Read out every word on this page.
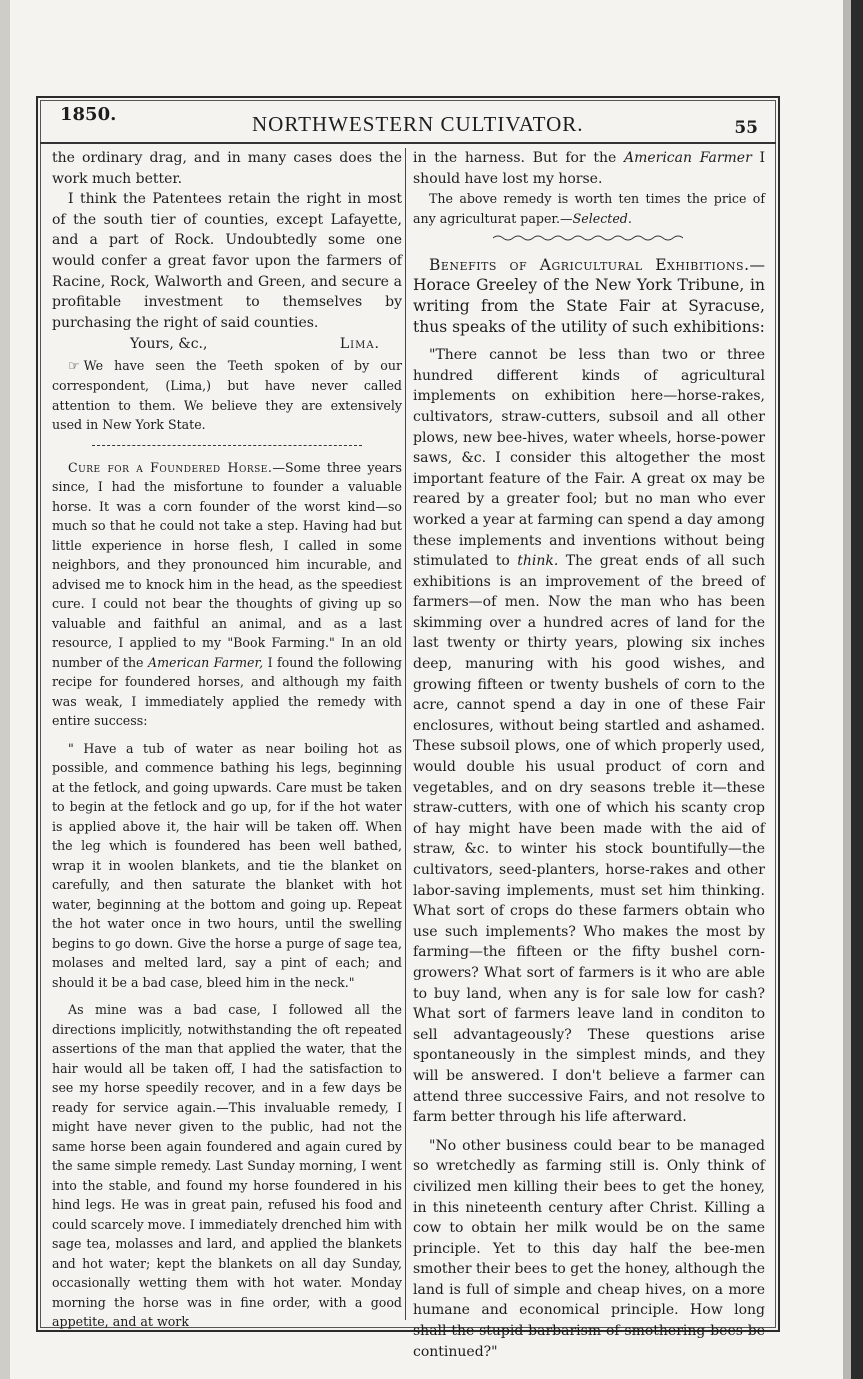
1850.	NORTHWESTERN CULTIVATOR.	55

the ordinary drag, and in many cases does the work much better.

I think the Patentees retain the right in most of the south tier of counties, except Lafayette, and a part of Rock. Undoubtedly some one would confer a great favor upon the farmers of Racine, Rock, Walworth and Green, and secure a profitable investment to themselves by purchasing the right of said counties.

Yours, &c.,	Lima.

☞ We have seen the Teeth spoken of by our correspondent, (Lima,) but have never called attention to them. We believe they are extensively used in New York State.

Cure for a Foundered Horse.—Some three years since, I had the misfortune to founder a valuable horse. It was a corn founder of the worst kind—so much so that he could not take a step. Having had but little experience in horse flesh, I called in some neighbors, and they pronounced him incurable, and advised me to knock him in the head, as the speediest cure. I could not bear the thoughts of giving up so valuable and faithful an animal, and as a last resource, I applied to my "Book Farming." In an old number of the American Farmer, I found the following recipe for foundered horses, and although my faith was weak, I immediately applied the remedy with entire success:

" Have a tub of water as near boiling hot as possible, and commence bathing his legs, beginning at the fetlock, and going upwards. Care must be taken to begin at the fetlock and go up, for if the hot water is applied above it, the hair will be taken off. When the leg which is foundered has been well bathed, wrap it in woolen blankets, and tie the blanket on carefully, and then saturate the blanket with hot water, beginning at the bottom and going up. Repeat the hot water once in two hours, until the swelling begins to go down. Give the horse a purge of sage tea, molases and melted lard, say a pint of each; and should it be a bad case, bleed him in the neck."

As mine was a bad case, I followed all the directions implicitly, notwithstanding the oft repeated assertions of the man that applied the water, that the hair would all be taken off, I had the satisfaction to see my horse speedily recover, and in a few days be ready for service again.—This invaluable remedy, I might have never given to the public, had not the same horse been again foundered and again cured by the same simple remedy. Last Sunday morning, I went into the stable, and found my horse foundered in his hind legs. He was in great pain, refused his food and could scarcely move. I immediately drenched him with sage tea, molasses and lard, and applied the blankets and hot water; kept the blankets on all day Sunday, occasionally wetting them with hot water. Monday morning the horse was in fine order, with a good appetite, and at work

in the harness. But for the American Farmer I should have lost my horse.

The above remedy is worth ten times the price of any agriculturat paper.—Selected.

Benefits of Agricultural Exhibitions.—Horace Greeley of the New York Tribune, in writing from the State Fair at Syracuse, thus speaks of the utility of such exhibitions:

"There cannot be less than two or three hundred different kinds of agricultural implements on exhibition here—horse-rakes, cultivators, straw-cutters, subsoil and all other plows, new bee-hives, water wheels, horse-power saws, &c. I consider this altogether the most important feature of the Fair. A great ox may be reared by a greater fool; but no man who ever worked a year at farming can spend a day among these implements and inventions without being stimulated to think. The great ends of all such exhibitions is an improvement of the breed of farmers—of men. Now the man who has been skimming over a hundred acres of land for the last twenty or thirty years, plowing six inches deep, manuring with his good wishes, and growing fifteen or twenty bushels of corn to the acre, cannot spend a day in one of these Fair enclosures, without being startled and ashamed. These subsoil plows, one of which properly used, would double his usual product of corn and vegetables, and on dry seasons treble it—these straw-cutters, with one of which his scanty crop of hay might have been made with the aid of straw, &c. to winter his stock bountifully—the cultivators, seed-planters, horse-rakes and other labor-saving implements, must set him thinking. What sort of crops do these farmers obtain who use such implements? Who makes the most by farming—the fifteen or the fifty bushel corn-growers? What sort of farmers is it who are able to buy land, when any is for sale low for cash? What sort of farmers leave land in conditon to sell advantageously? These questions arise spontaneously in the simplest minds, and they will be answered. I don't believe a farmer can attend three successive Fairs, and not resolve to farm better through his life afterward.

"No other business could bear to be managed so wretchedly as farming still is. Only think of civilized men killing their bees to get the honey, in this nineteenth century after Christ. Killing a cow to obtain her milk would be on the same principle. Yet to this day half the bee-men smother their bees to get the honey, although the land is full of simple and cheap hives, on a more humane and economical principle. How long shall the stupid barbarism of smothering bees be continued?"
